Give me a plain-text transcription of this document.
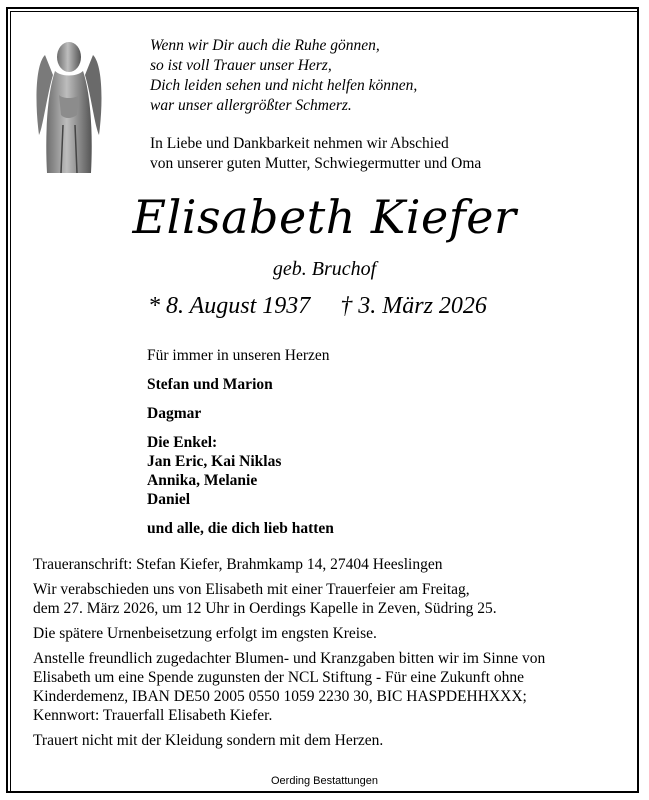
Wenn wir Dir auch die Ruhe gönnen,
so ist voll Trauer unser Herz,
Dich leiden sehen und nicht helfen können,
war unser allergrößter Schmerz.
In Liebe und Dankbarkeit nehmen wir Abschied
von unserer guten Mutter, Schwiegermutter und Oma
Elisabeth Kiefer
geb. Bruchof
* 8. August 1937 † 3. März 2026
Für immer in unseren Herzen
Stefan und Marion
Dagmar
Die Enkel:
Jan Eric, Kai Niklas
Annika, Melanie
Daniel
und alle, die dich lieb hatten

Traueranschrift: Stefan Kiefer, Brahmkamp 14, 27404 Heeslingen

Wir verabschieden uns von Elisabeth mit einer Trauerfeier am Freitag,
dem 27. März 2026, um 12 Uhr in Oerdings Kapelle in Zeven, Südring 25.

Die spätere Urnenbeisetzung erfolgt im engsten Kreise.

Anstelle freundlich zugedachter Blumen- und Kranzgaben bitten wir im Sinne von
Elisabeth um eine Spende zugunsten der NCL Stiftung - Für eine Zukunft ohne
Kinderdemenz, IBAN DE50 2005 0550 1059 2230 30, BIC HASPDEHHXXX;
Kennwort: Trauerfall Elisabeth Kiefer.

Trauert nicht mit der Kleidung sondern mit dem Herzen.

Oerding Bestattungen
